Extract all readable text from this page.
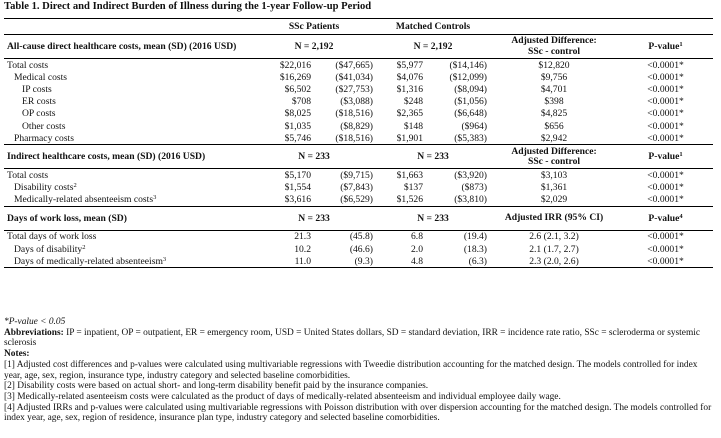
Table 1. Direct and Indirect Burden of Illness during the 1-year Follow-up Period
	SSc Patients		Matched Controls			
All-cause direct healthcare costs, mean (SD) (2016 USD)	N = 2,192		N = 2,192		Adjusted Difference:
SSc - control	P-value$^1$
Total costs	$22,016	($47,665)	$5,977	($14,146)	$12,820	<0.0001*
Medical costs	$16,269	($41,034)	$4,076	($12,099)	$9,756	<0.0001*
IP costs	$6,502	($27,753)	$1,316	($8,094)	$4,701	<0.0001*
ER costs	$708	($3,088)	$248	($1,056)	$398	<0.0001*
OP costs	$8,025	($18,516)	$2,365	($6,648)	$4,825	<0.0001*
Other costs	$1,035	($8,829)	$148	($964)	$656	<0.0001*
Pharmacy costs	$5,746	($18,516)	$1,901	($5,383)	$2,942	<0.0001*
Indirect healthcare costs, mean (SD) (2016 USD)	N = 233		N = 233		Adjusted Difference:
SSc - control	P-value$^1$
Total costs	$5,170	($9,715)	$1,663	($3,920)	$3,103	<0.0001*
Disability costs$^2$	$1,554	($7,843)	$137	($873)	$1,361	<0.0001*
Medically-related absenteeism costs$^3$	$3,616	($6,529)	$1,526	($3,810)	$2,029	<0.0001*
Days of work loss, mean (SD)	N = 233		N = 233		Adjusted IRR (95% CI)	P-value$^4$
Total days of work loss	21.3	(45.8)	6.8	(19.4)	2.6 (2.1, 3.2)	<0.0001*
Days of disability$^2$	10.2	(46.6)	2.0	(18.3)	2.1 (1.7, 2.7)	<0.0001*
Days of medically-related absenteeism$^3$	11.0	(9.3)	4.8	(6.3)	2.3 (2.0, 2.6)	<0.0001*

*P-value < 0.05

Abbreviations: IP = inpatient, OP = outpatient, ER = emergency room, USD = United States dollars, SD = standard deviation, IRR = incidence rate ratio, SSc = scleroderma or systemic sclerosis

Notes:

[1] Adjusted cost differences and p-values were calculated using multivariable regressions with Tweedie distribution accounting for the matched design. The models controlled for index year, age, sex, region, insurance type, industry category and selected baseline comorbidities.

[2] Disability costs were based on actual short- and long-term disability benefit paid by the insurance companies.

[3] Medically-related asenteeism costs were calculated as the product of days of medically-related absenteeism and individual employee daily wage.

[4] Adjusted IRRs and p-values were calculated using multivariable regressions with Poisson distribution with over dispersion accounting for the matched design. The models controlled for index year, age, sex, region of residence, insurance plan type, industry category and selected baseline comorbidities.
